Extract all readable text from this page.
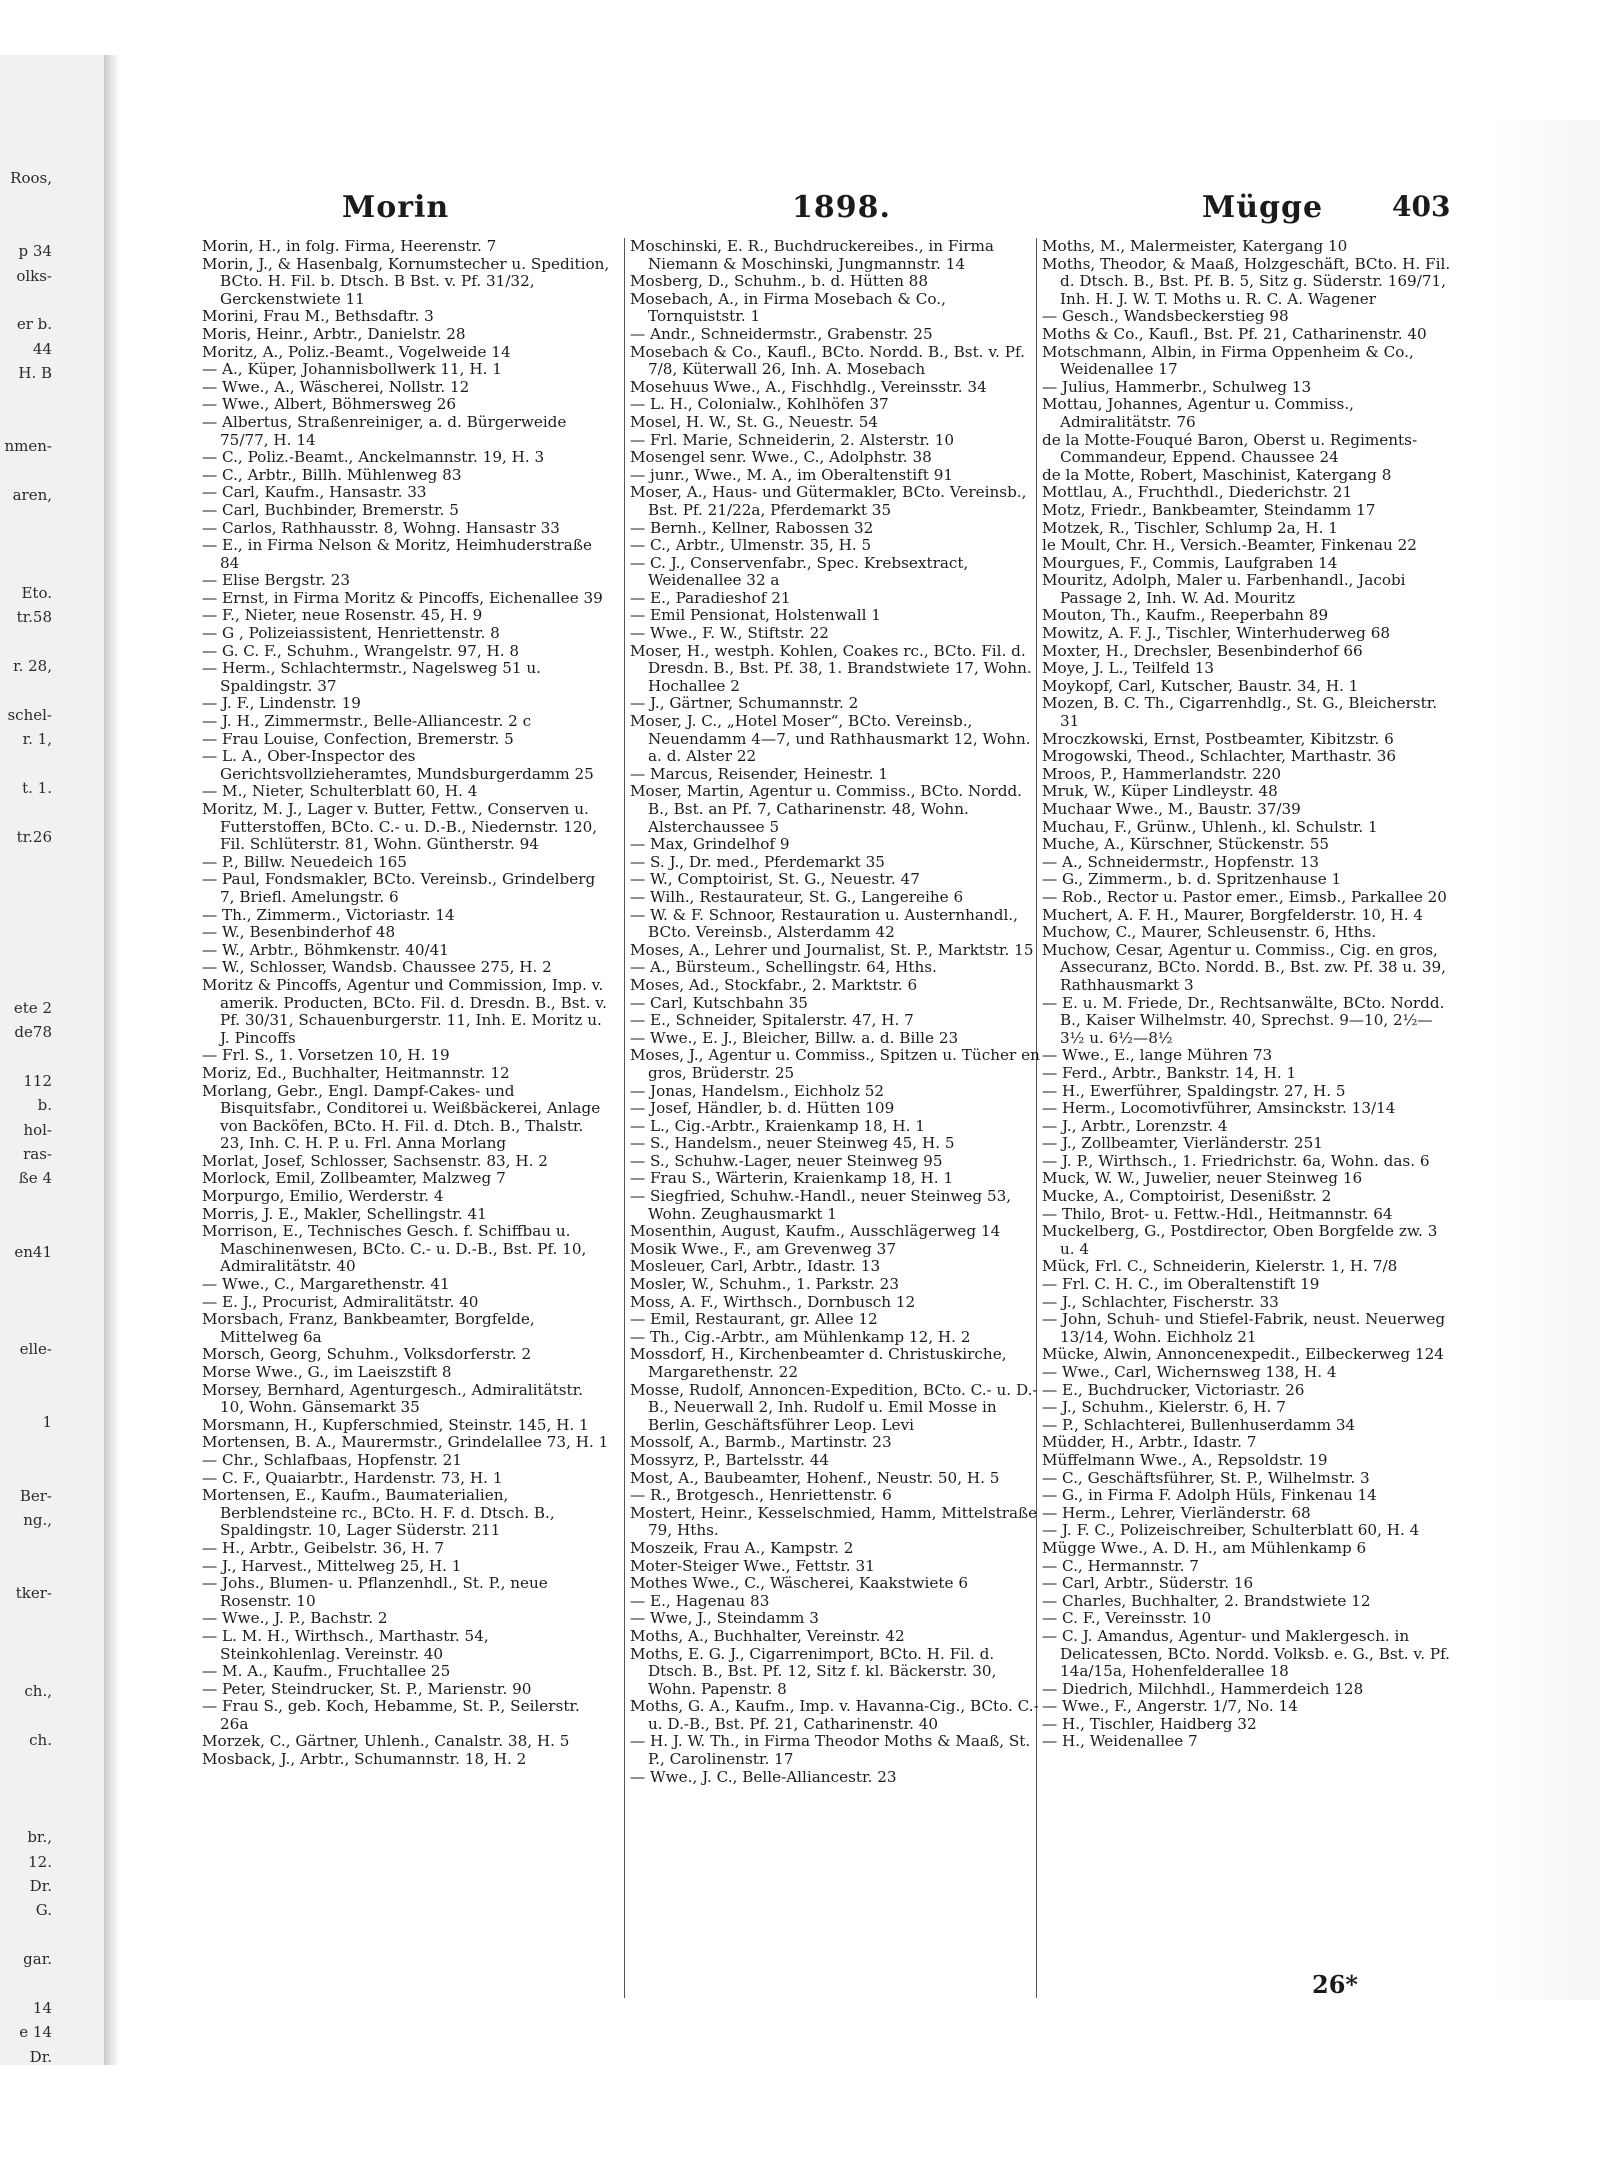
Roos,
p 34
olks-
er b.
44
H. B
nmen-
aren,
Eto.
tr.58
r. 28,
schel-
r. 1,
t. 1.
tr.26
ete 2
de78
112
b.
hol-
ras-
ße 4
en41
elle-
1
Ber-
ng.,
tker-
ch.,
ch.
br.,
12.
Dr.
G.
gar.
14
e 14
Dr.
Morin	1898.	Mügge 403

Morin, H., in folg. Firma, Heerenstr. 7

Morin, J., & Hasenbalg, Kornumstecher u. Spedition, BCto. H. Fil. b. Dtsch. B Bst. v. Pf. 31/32, Gerckenstwiete 11

Morini, Frau M., Bethsdaftr. 3

Moris, Heinr., Arbtr., Danielstr. 28

Moritz, A., Poliz.-Beamt., Vogelweide 14

— A., Küper, Johannisbollwerk 11, H. 1

— Wwe., A., Wäscherei, Nollstr. 12

— Wwe., Albert, Böhmersweg 26

— Albertus, Straßenreiniger, a. d. Bürgerweide 75/77, H. 14

— C., Poliz.-Beamt., Anckelmannstr. 19, H. 3

— C., Arbtr., Billh. Mühlenweg 83

— Carl, Kaufm., Hansastr. 33

— Carl, Buchbinder, Bremerstr. 5

— Carlos, Rathhausstr. 8, Wohng. Hansastr 33

— E., in Firma Nelson & Moritz, Heimhuderstraße 84

— Elise Bergstr. 23

— Ernst, in Firma Moritz & Pincoffs, Eichenallee 39

— F., Nieter, neue Rosenstr. 45, H. 9

— G , Polizeiassistent, Henriettenstr. 8

— G. C. F., Schuhm., Wrangelstr. 97, H. 8

— Herm., Schlachtermstr., Nagelsweg 51 u. Spaldingstr. 37

— J. F., Lindenstr. 19

— J. H., Zimmermstr., Belle-Alliancestr. 2 c

— Frau Louise, Confection, Bremerstr. 5

— L. A., Ober-Inspector des Gerichtsvollzieheramtes, Mundsburgerdamm 25

— M., Nieter, Schulterblatt 60, H. 4

Moritz, M. J., Lager v. Butter, Fettw., Conserven u. Futterstoffen, BCto. C.- u. D.-B., Niedernstr. 120, Fil. Schlüterstr. 81, Wohn. Güntherstr. 94

— P., Billw. Neuedeich 165

— Paul, Fondsmakler, BCto. Vereinsb., Grindelberg 7, Briefl. Amelungstr. 6

— Th., Zimmerm., Victoriastr. 14

— W., Besenbinderhof 48

— W., Arbtr., Böhmkenstr. 40/41

— W., Schlosser, Wandsb. Chaussee 275, H. 2

Moritz & Pincoffs, Agentur und Commission, Imp. v. amerik. Producten, BCto. Fil. d. Dresdn. B., Bst. v. Pf. 30/31, Schauenburgerstr. 11, Inh. E. Moritz u. J. Pincoffs

— Frl. S., 1. Vorsetzen 10, H. 19

Moriz, Ed., Buchhalter, Heitmannstr. 12

Morlang, Gebr., Engl. Dampf-Cakes- und Bisquitsfabr., Conditorei u. Weißbäckerei, Anlage von Backöfen, BCto. H. Fil. d. Dtch. B., Thalstr. 23, Inh. C. H. P. u. Frl. Anna Morlang

Morlat, Josef, Schlosser, Sachsenstr. 83, H. 2

Morlock, Emil, Zollbeamter, Malzweg 7

Morpurgo, Emilio, Werderstr. 4

Morris, J. E., Makler, Schellingstr. 41

Morrison, E., Technisches Gesch. f. Schiffbau u. Maschinenwesen, BCto. C.- u. D.-B., Bst. Pf. 10, Admiralitätstr. 40

— Wwe., C., Margarethenstr. 41

— E. J., Procurist, Admiralitätstr. 40

Morsbach, Franz, Bankbeamter, Borgfelde, Mittelweg 6a

Morsch, Georg, Schuhm., Volksdorferstr. 2

Morse Wwe., G., im Laeiszstift 8

Morsey, Bernhard, Agenturgesch., Admiralitätstr. 10, Wohn. Gänsemarkt 35

Morsmann, H., Kupferschmied, Steinstr. 145, H. 1

Mortensen, B. A., Maurermstr., Grindelallee 73, H. 1

— Chr., Schlafbaas, Hopfenstr. 21

— C. F., Quaiarbtr., Hardenstr. 73, H. 1

Mortensen, E., Kaufm., Baumaterialien, Berblendsteine rc., BCto. H. F. d. Dtsch. B., Spaldingstr. 10, Lager Süderstr. 211

— H., Arbtr., Geibelstr. 36, H. 7

— J., Harvest., Mittelweg 25, H. 1

— Johs., Blumen- u. Pflanzenhdl., St. P., neue Rosenstr. 10

— Wwe., J. P., Bachstr. 2

— L. M. H., Wirthsch., Marthastr. 54, Steinkohlenlag. Vereinstr. 40

— M. A., Kaufm., Fruchtallee 25

— Peter, Steindrucker, St. P., Marienstr. 90

— Frau S., geb. Koch, Hebamme, St. P., Seilerstr. 26a

Morzek, C., Gärtner, Uhlenh., Canalstr. 38, H. 5

Mosback, J., Arbtr., Schumannstr. 18, H. 2

Moschinski, E. R., Buchdruckereibes., in Firma Niemann & Moschinski, Jungmannstr. 14

Mosberg, D., Schuhm., b. d. Hütten 88

Mosebach, A., in Firma Mosebach & Co., Tornquiststr. 1

— Andr., Schneidermstr., Grabenstr. 25

Mosebach & Co., Kaufl., BCto. Nordd. B., Bst. v. Pf. 7/8, Küterwall 26, Inh. A. Mosebach

Mosehuus Wwe., A., Fischhdlg., Vereinsstr. 34

— L. H., Colonialw., Kohlhöfen 37

Mosel, H. W., St. G., Neuestr. 54

— Frl. Marie, Schneiderin, 2. Alsterstr. 10

Mosengel senr. Wwe., C., Adolphstr. 38

— junr., Wwe., M. A., im Oberaltenstift 91

Moser, A., Haus- und Gütermakler, BCto. Vereinsb., Bst. Pf. 21/22a, Pferdemarkt 35

— Bernh., Kellner, Rabossen 32

— C., Arbtr., Ulmenstr. 35, H. 5

— C. J., Conservenfabr., Spec. Krebsextract, Weidenallee 32 a

— E., Paradieshof 21

— Emil Pensionat, Holstenwall 1

— Wwe., F. W., Stiftstr. 22

Moser, H., westph. Kohlen, Coakes rc., BCto. Fil. d. Dresdn. B., Bst. Pf. 38, 1. Brandstwiete 17, Wohn. Hochallee 2

— J., Gärtner, Schumannstr. 2

Moser, J. C., „Hotel Moser“, BCto. Vereinsb., Neuendamm 4—7, und Rathhausmarkt 12, Wohn. a. d. Alster 22

— Marcus, Reisender, Heinestr. 1

Moser, Martin, Agentur u. Commiss., BCto. Nordd. B., Bst. an Pf. 7, Catharinenstr. 48, Wohn. Alsterchaussee 5

— Max, Grindelhof 9

— S. J., Dr. med., Pferdemarkt 35

— W., Comptoirist, St. G., Neuestr. 47

— Wilh., Restaurateur, St. G., Langereihe 6

— W. & F. Schnoor, Restauration u. Austernhandl., BCto. Vereinsb., Alsterdamm 42

Moses, A., Lehrer und Journalist, St. P., Marktstr. 15

— A., Bürsteum., Schellingstr. 64, Hths.

Moses, Ad., Stockfabr., 2. Marktstr. 6

— Carl, Kutschbahn 35

— E., Schneider, Spitalerstr. 47, H. 7

— Wwe., E. J., Bleicher, Billw. a. d. Bille 23

Moses, J., Agentur u. Commiss., Spitzen u. Tücher en gros, Brüderstr. 25

— Jonas, Handelsm., Eichholz 52

— Josef, Händler, b. d. Hütten 109

— L., Cig.-Arbtr., Kraienkamp 18, H. 1

— S., Handelsm., neuer Steinweg 45, H. 5

— S., Schuhw.-Lager, neuer Steinweg 95

— Frau S., Wärterin, Kraienkamp 18, H. 1

— Siegfried, Schuhw.-Handl., neuer Steinweg 53, Wohn. Zeughausmarkt 1

Mosenthin, August, Kaufm., Ausschlägerweg 14

Mosik Wwe., F., am Grevenweg 37

Mosleuer, Carl, Arbtr., Idastr. 13

Mosler, W., Schuhm., 1. Parkstr. 23

Moss, A. F., Wirthsch., Dornbusch 12

— Emil, Restaurant, gr. Allee 12

— Th., Cig.-Arbtr., am Mühlenkamp 12, H. 2

Mossdorf, H., Kirchenbeamter d. Christuskirche, Margarethenstr. 22

Mosse, Rudolf, Annoncen-Expedition, BCto. C.- u. D.-B., Neuerwall 2, Inh. Rudolf u. Emil Mosse in Berlin, Geschäftsführer Leop. Levi

Mossolf, A., Barmb., Martinstr. 23

Mossyrz, P., Bartelsstr. 44

Most, A., Baubeamter, Hohenf., Neustr. 50, H. 5

— R., Brotgesch., Henriettenstr. 6

Mostert, Heinr., Kesselschmied, Hamm, Mittelstraße 79, Hths.

Moszeik, Frau A., Kampstr. 2

Moter-Steiger Wwe., Fettstr. 31

Mothes Wwe., C., Wäscherei, Kaakstwiete 6

— E., Hagenau 83

— Wwe, J., Steindamm 3

Moths, A., Buchhalter, Vereinstr. 42

Moths, E. G. J., Cigarrenimport, BCto. H. Fil. d. Dtsch. B., Bst. Pf. 12, Sitz f. kl. Bäckerstr. 30, Wohn. Papenstr. 8

Moths, G. A., Kaufm., Imp. v. Havanna-Cig., BCto. C.- u. D.-B., Bst. Pf. 21, Catharinenstr. 40

— H. J. W. Th., in Firma Theodor Moths & Maaß, St. P., Carolinenstr. 17

— Wwe., J. C., Belle-Alliancestr. 23

Moths, M., Malermeister, Katergang 10

Moths, Theodor, & Maaß, Holzgeschäft, BCto. H. Fil. d. Dtsch. B., Bst. Pf. B. 5, Sitz g. Süderstr. 169/71, Inh. H. J. W. T. Moths u. R. C. A. Wagener

— Gesch., Wandsbeckerstieg 98

Moths & Co., Kaufl., Bst. Pf. 21, Catharinenstr. 40

Motschmann, Albin, in Firma Oppenheim & Co., Weidenallee 17

— Julius, Hammerbr., Schulweg 13

Mottau, Johannes, Agentur u. Commiss., Admiralitätstr. 76

de la Motte-Fouqué Baron, Oberst u. Regiments-Commandeur, Eppend. Chaussee 24

de la Motte, Robert, Maschinist, Katergang 8

Mottlau, A., Fruchthdl., Diederichstr. 21

Motz, Friedr., Bankbeamter, Steindamm 17

Motzek, R., Tischler, Schlump 2a, H. 1

le Moult, Chr. H., Versich.-Beamter, Finkenau 22

Mourgues, F., Commis, Laufgraben 14

Mouritz, Adolph, Maler u. Farbenhandl., Jacobi Passage 2, Inh. W. Ad. Mouritz

Mouton, Th., Kaufm., Reeperbahn 89

Mowitz, A. F. J., Tischler, Winterhuderweg 68

Moxter, H., Drechsler, Besenbinderhof 66

Moye, J. L., Teilfeld 13

Moykopf, Carl, Kutscher, Baustr. 34, H. 1

Mozen, B. C. Th., Cigarrenhdlg., St. G., Bleicherstr. 31

Mroczkowski, Ernst, Postbeamter, Kibitzstr. 6

Mrogowski, Theod., Schlachter, Marthastr. 36

Mroos, P., Hammerlandstr. 220

Mruk, W., Küper Lindleystr. 48

Muchaar Wwe., M., Baustr. 37/39

Muchau, F., Grünw., Uhlenh., kl. Schulstr. 1

Muche, A., Kürschner, Stückenstr. 55

— A., Schneidermstr., Hopfenstr. 13

— G., Zimmerm., b. d. Spritzenhause 1

— Rob., Rector u. Pastor emer., Eimsb., Parkallee 20

Muchert, A. F. H., Maurer, Borgfelderstr. 10, H. 4

Muchow, C., Maurer, Schleusenstr. 6, Hths.

Muchow, Cesar, Agentur u. Commiss., Cig. en gros, Assecuranz, BCto. Nordd. B., Bst. zw. Pf. 38 u. 39, Rathhausmarkt 3

— E. u. M. Friede, Dr., Rechtsanwälte, BCto. Nordd. B., Kaiser Wilhelmstr. 40, Sprechst. 9—10, 2½—3½ u. 6½—8½

— Wwe., E., lange Mühren 73

— Ferd., Arbtr., Bankstr. 14, H. 1

— H., Ewerführer, Spaldingstr. 27, H. 5

— Herm., Locomotivführer, Amsinckstr. 13/14

— J., Arbtr., Lorenzstr. 4

— J., Zollbeamter, Vierländerstr. 251

— J. P., Wirthsch., 1. Friedrichstr. 6a, Wohn. das. 6

Muck, W. W., Juwelier, neuer Steinweg 16

Mucke, A., Comptoirist, Desenißstr. 2

— Thilo, Brot- u. Fettw.-Hdl., Heitmannstr. 64

Muckelberg, G., Postdirector, Oben Borgfelde zw. 3 u. 4

Mück, Frl. C., Schneiderin, Kielerstr. 1, H. 7/8

— Frl. C. H. C., im Oberaltenstift 19

— J., Schlachter, Fischerstr. 33

— John, Schuh- und Stiefel-Fabrik, neust. Neuerweg 13/14, Wohn. Eichholz 21

Mücke, Alwin, Annoncenexpedit., Eilbeckerweg 124

— Wwe., Carl, Wichernsweg 138, H. 4

— E., Buchdrucker, Victoriastr. 26

— J., Schuhm., Kielerstr. 6, H. 7

— P., Schlachterei, Bullenhuserdamm 34

Müdder, H., Arbtr., Idastr. 7

Müffelmann Wwe., A., Repsoldstr. 19

— C., Geschäftsführer, St. P., Wilhelmstr. 3

— G., in Firma F. Adolph Hüls, Finkenau 14

— Herm., Lehrer, Vierländerstr. 68

— J. F. C., Polizeischreiber, Schulterblatt 60, H. 4

Mügge Wwe., A. D. H., am Mühlenkamp 6

— C., Hermannstr. 7

— Carl, Arbtr., Süderstr. 16

— Charles, Buchhalter, 2. Brandstwiete 12

— C. F., Vereinsstr. 10

— C. J. Amandus, Agentur- und Maklergesch. in Delicatessen, BCto. Nordd. Volksb. e. G., Bst. v. Pf. 14a/15a, Hohenfelderallee 18

— Diedrich, Milchhdl., Hammerdeich 128

— Wwe., F., Angerstr. 1/7, No. 14

— H., Tischler, Haidberg 32

— H., Weidenallee 7

26*
